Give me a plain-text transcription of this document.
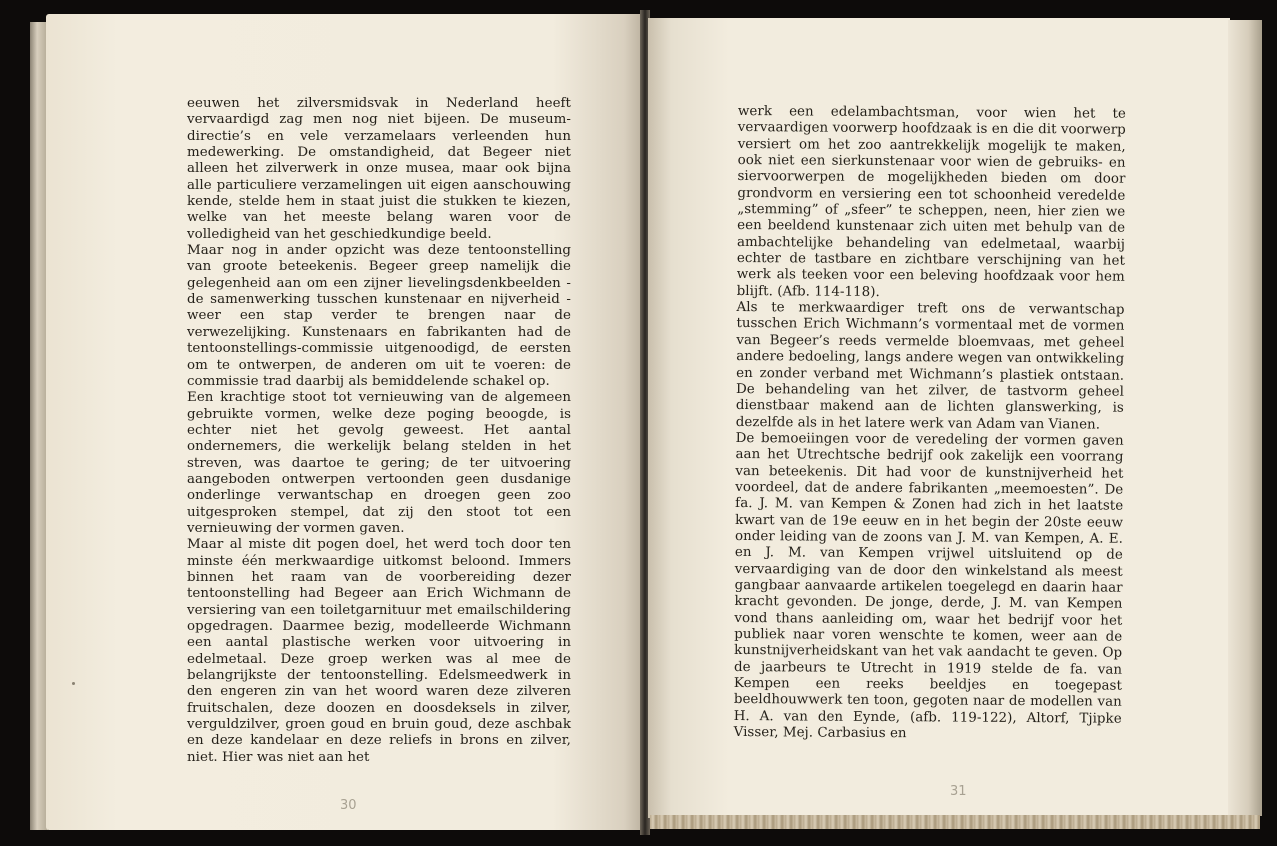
eeuwen het zilversmidsvak in Nederland heeft vervaardigd zag men nog niet bijeen. De museum-directie’s en vele verzamelaars verleenden hun medewerking. De omstandigheid, dat Begeer niet alleen het zilverwerk in onze musea, maar ook bijna alle particuliere verzamelingen uit eigen aanschouwing kende, stelde hem in staat juist die stukken te kiezen, welke van het meeste belang waren voor de volledigheid van het geschiedkundige beeld.

Maar nog in ander opzicht was deze tentoonstelling van groote beteekenis. Begeer greep namelijk die gelegenheid aan om een zijner lievelingsdenkbeelden - de samenwerking tusschen kunstenaar en nijverheid - weer een stap verder te brengen naar de verwezelijking. Kunstenaars en fabrikanten had de tentoonstellings-commissie uitgenoodigd, de eersten om te ontwerpen, de anderen om uit te voeren: de commissie trad daarbij als bemiddelende schakel op.

Een krachtige stoot tot vernieuwing van de algemeen gebruikte vormen, welke deze poging beoogde, is echter niet het gevolg geweest. Het aantal ondernemers, die werkelijk belang stelden in het streven, was daartoe te gering; de ter uitvoering aangeboden ontwerpen vertoonden geen dusdanige onderlinge verwantschap en droegen geen zoo uitgesproken stempel, dat zij den stoot tot een vernieuwing der vormen gaven.

Maar al miste dit pogen doel, het werd toch door ten minste één merkwaardige uitkomst beloond. Immers binnen het raam van de voorbereiding dezer tentoonstelling had Begeer aan Erich Wichmann de versiering van een toiletgarnituur met emailschildering opgedragen. Daarmee bezig, modelleerde Wichmann een aantal plastische werken voor uitvoering in edelmetaal. Deze groep werken was al mee de belangrijkste der tentoonstelling. Edelsmeedwerk in den engeren zin van het woord waren deze zilveren fruitschalen, deze doozen en doosdeksels in zilver, verguldzilver, groen goud en bruin goud, deze aschbak en deze kandelaar en deze reliefs in brons en zilver, niet. Hier was niet aan het

werk een edelambachtsman, voor wien het te vervaardigen voorwerp hoofdzaak is en die dit voorwerp versiert om het zoo aantrekkelijk mogelijk te maken, ook niet een sierkunstenaar voor wien de gebruiks- en siervoorwerpen de mogelijkheden bieden om door grondvorm en versiering een tot schoonheid veredelde „stemming” of „sfeer” te scheppen, neen, hier zien we een beeldend kunstenaar zich uiten met behulp van de ambachtelijke behandeling van edelmetaal, waarbij echter de tastbare en zichtbare verschijning van het werk als teeken voor een beleving hoofdzaak voor hem blijft. (Afb. 114-118).

Als te merkwaardiger treft ons de verwantschap tusschen Erich Wichmann’s vormentaal met de vormen van Begeer’s reeds vermelde bloemvaas, met geheel andere bedoeling, langs andere wegen van ontwikkeling en zonder verband met Wichmann’s plastiek ontstaan. De behandeling van het zilver, de tastvorm geheel dienstbaar makend aan de lichten glanswerking, is dezelfde als in het latere werk van Adam van Vianen.

De bemoeiingen voor de veredeling der vormen gaven aan het Utrechtsche bedrijf ook zakelijk een voorrang van beteekenis. Dit had voor de kunstnijverheid het voordeel, dat de andere fabrikanten „meemoesten”. De fa. J. M. van Kempen & Zonen had zich in het laatste kwart van de 19e eeuw en in het begin der 20ste eeuw onder leiding van de zoons van J. M. van Kempen, A. E. en J. M. van Kempen vrijwel uitsluitend op de vervaardiging van de door den winkelstand als meest gangbaar aanvaarde artikelen toegelegd en daarin haar kracht gevonden. De jonge, derde, J. M. van Kempen vond thans aanleiding om, waar het bedrijf voor het publiek naar voren wenschte te komen, weer aan de kunstnijverheidskant van het vak aandacht te geven. Op de jaarbeurs te Utrecht in 1919 stelde de fa. van Kempen een reeks beeldjes en toegepast beeldhouwwerk ten toon, gegoten naar de modellen van H. A. van den Eynde, (afb. 119-122), Altorf, Tjipke Visser, Mej. Carbasius en

30
31
